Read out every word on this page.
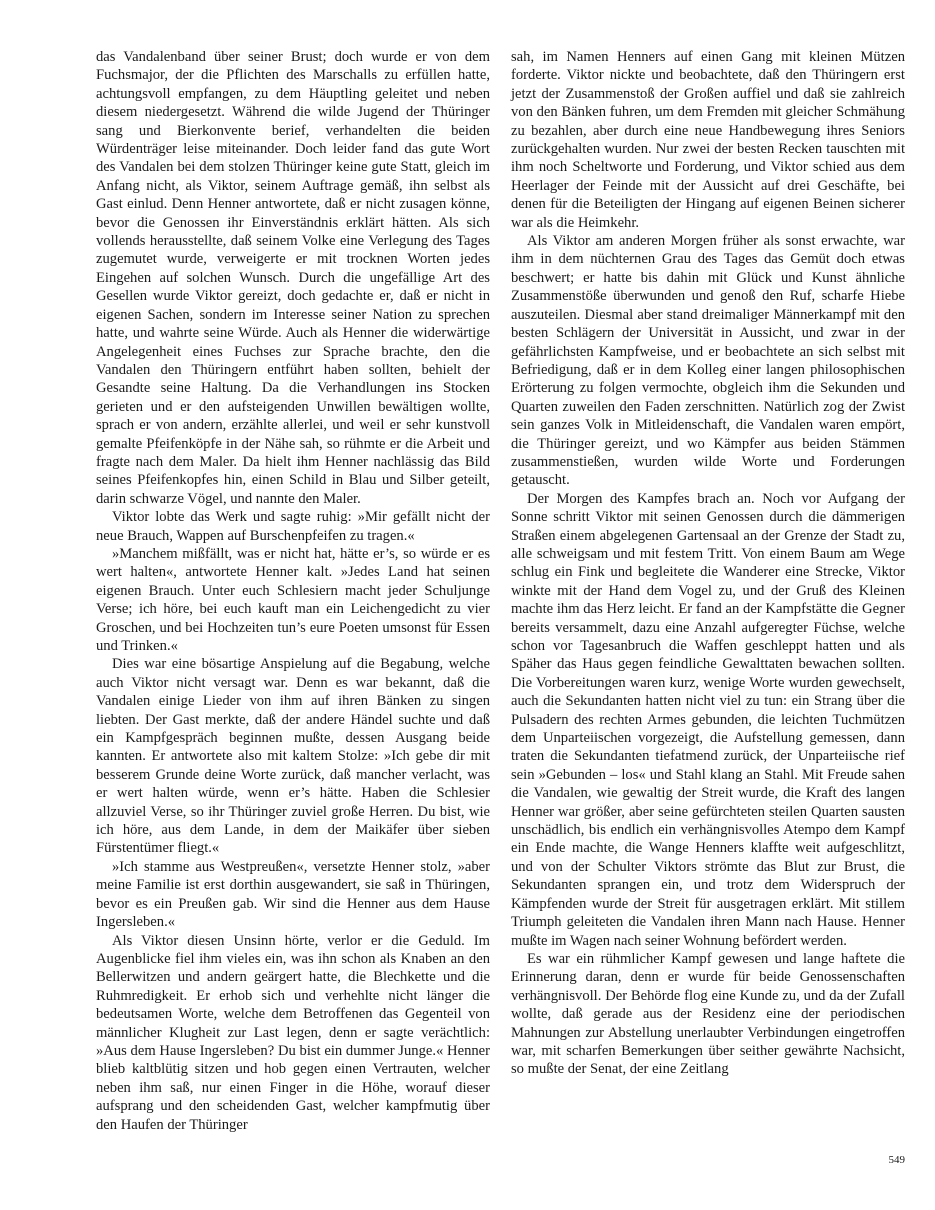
das Vandalenband über seiner Brust; doch wurde er von dem Fuchsmajor, der die Pflichten des Marschalls zu erfüllen hatte, achtungsvoll empfangen, zu dem Häuptling geleitet und neben diesem niedergesetzt. Während die wilde Jugend der Thüringer sang und Bierkonvente berief, verhandelten die beiden Würdenträger leise miteinander. Doch leider fand das gute Wort des Vandalen bei dem stolzen Thüringer keine gute Statt, gleich im Anfang nicht, als Viktor, seinem Auftrage gemäß, ihn selbst als Gast einlud. Denn Henner antwortete, daß er nicht zusagen könne, bevor die Genossen ihr Einverständnis erklärt hätten. Als sich vollends herausstellte, daß seinem Volke eine Verlegung des Tages zugemutet wurde, verweigerte er mit trocknen Worten jedes Eingehen auf solchen Wunsch. Durch die ungefällige Art des Gesellen wurde Viktor gereizt, doch gedachte er, daß er nicht in eigenen Sachen, sondern im Interesse seiner Nation zu sprechen hatte, und wahrte seine Würde. Auch als Henner die widerwärtige Angelegenheit eines Fuchses zur Sprache brachte, den die Vandalen den Thüringern entführt haben sollten, behielt der Gesandte seine Haltung. Da die Verhandlungen ins Stocken gerieten und er den aufsteigenden Unwillen bewältigen wollte, sprach er von andern, erzählte allerlei, und weil er sehr kunstvoll gemalte Pfeifenköpfe in der Nähe sah, so rühmte er die Arbeit und fragte nach dem Maler. Da hielt ihm Henner nachlässig das Bild seines Pfeifenkopfes hin, einen Schild in Blau und Silber geteilt, darin schwarze Vögel, und nannte den Maler.

Viktor lobte das Werk und sagte ruhig: »Mir gefällt nicht der neue Brauch, Wappen auf Burschenpfeifen zu tragen.«

»Manchem mißfällt, was er nicht hat, hätte er’s, so würde er es wert halten«, antwortete Henner kalt. »Jedes Land hat seinen eigenen Brauch. Unter euch Schlesiern macht jeder Schuljunge Verse; ich höre, bei euch kauft man ein Leichengedicht zu vier Groschen, und bei Hochzeiten tun’s eure Poeten umsonst für Essen und Trinken.«

Dies war eine bösartige Anspielung auf die Begabung, welche auch Viktor nicht versagt war. Denn es war bekannt, daß die Vandalen einige Lieder von ihm auf ihren Bänken zu singen liebten. Der Gast merkte, daß der andere Händel suchte und daß ein Kampfgespräch beginnen mußte, dessen Ausgang beide kannten. Er antwortete also mit kaltem Stolze: »Ich gebe dir mit besserem Grunde deine Worte zurück, daß mancher verlacht, was er wert halten würde, wenn er’s hätte. Haben die Schlesier allzuviel Verse, so ihr Thüringer zuviel große Herren. Du bist, wie ich höre, aus dem Lande, in dem der Maikäfer über sieben Fürstentümer fliegt.«

»Ich stamme aus Westpreußen«, versetzte Henner stolz, »aber meine Familie ist erst dorthin ausgewandert, sie saß in Thüringen, bevor es ein Preußen gab. Wir sind die Henner aus dem Hause Ingersleben.«

Als Viktor diesen Unsinn hörte, verlor er die Geduld. Im Augenblicke fiel ihm vieles ein, was ihn schon als Knaben an den Bellerwitzen und andern geärgert hatte, die Blechkette und die Ruhmredigkeit. Er erhob sich und verhehlte nicht länger die bedeutsamen Worte, welche dem Betroffenen das Gegenteil von männlicher Klugheit zur Last legen, denn er sagte verächtlich: »Aus dem Hause Ingersleben? Du bist ein dummer Junge.« Henner blieb kaltblütig sitzen und hob gegen einen Vertrauten, welcher neben ihm saß, nur einen Finger in die Höhe, worauf dieser aufsprang und den scheidenden Gast, welcher kampfmutig über den Haufen der Thüringer

sah, im Namen Henners auf einen Gang mit kleinen Mützen forderte. Viktor nickte und beobachtete, daß den Thüringern erst jetzt der Zusammenstoß der Großen auffiel und daß sie zahlreich von den Bänken fuhren, um dem Fremden mit gleicher Schmähung zu bezahlen, aber durch eine neue Handbewegung ihres Seniors zurückgehalten wurden. Nur zwei der besten Recken tauschten mit ihm noch Scheltworte und Forderung, und Viktor schied aus dem Heerlager der Feinde mit der Aussicht auf drei Geschäfte, bei denen für die Beteiligten der Hingang auf eigenen Beinen sicherer war als die Heimkehr.

Als Viktor am anderen Morgen früher als sonst erwachte, war ihm in dem nüchternen Grau des Tages das Gemüt doch etwas beschwert; er hatte bis dahin mit Glück und Kunst ähnliche Zusammenstöße überwunden und genoß den Ruf, scharfe Hiebe auszuteilen. Diesmal aber stand dreimaliger Männerkampf mit den besten Schlägern der Universität in Aussicht, und zwar in der gefährlichsten Kampfweise, und er beobachtete an sich selbst mit Befriedigung, daß er in dem Kolleg einer langen philosophischen Erörterung zu folgen vermochte, obgleich ihm die Sekunden und Quarten zuweilen den Faden zerschnitten. Natürlich zog der Zwist sein ganzes Volk in Mitleidenschaft, die Vandalen waren empört, die Thüringer gereizt, und wo Kämpfer aus beiden Stämmen zusammenstießen, wurden wilde Worte und Forderungen getauscht.

Der Morgen des Kampfes brach an. Noch vor Aufgang der Sonne schritt Viktor mit seinen Genossen durch die dämmerigen Straßen einem abgelegenen Gartensaal an der Grenze der Stadt zu, alle schweigsam und mit festem Tritt. Von einem Baum am Wege schlug ein Fink und begleitete die Wanderer eine Strecke, Viktor winkte mit der Hand dem Vogel zu, und der Gruß des Kleinen machte ihm das Herz leicht. Er fand an der Kampfstätte die Gegner bereits versammelt, dazu eine Anzahl aufgeregter Füchse, welche schon vor Tagesanbruch die Waffen geschleppt hatten und als Späher das Haus gegen feindliche Gewalttaten bewachen sollten. Die Vorbereitungen waren kurz, wenige Worte wurden gewechselt, auch die Sekundanten hatten nicht viel zu tun: ein Strang über die Pulsadern des rechten Armes gebunden, die leichten Tuchmützen dem Unparteiischen vorgezeigt, die Aufstellung gemessen, dann traten die Sekundanten tiefatmend zurück, der Unparteiische rief sein »Gebunden – los« und Stahl klang an Stahl. Mit Freude sahen die Vandalen, wie gewaltig der Streit wurde, die Kraft des langen Henner war größer, aber seine gefürchteten steilen Quarten sausten unschädlich, bis endlich ein verhängnisvolles Atempo dem Kampf ein Ende machte, die Wange Henners klaffte weit aufgeschlitzt, und von der Schulter Viktors strömte das Blut zur Brust, die Sekundanten sprangen ein, und trotz dem Widerspruch der Kämpfenden wurde der Streit für ausgetragen erklärt. Mit stillem Triumph geleiteten die Vandalen ihren Mann nach Hause. Henner mußte im Wagen nach seiner Wohnung befördert werden.

Es war ein rühmlicher Kampf gewesen und lange haftete die Erinnerung daran, denn er wurde für beide Genossenschaften verhängnisvoll. Der Behörde flog eine Kunde zu, und da der Zufall wollte, daß gerade aus der Residenz eine der periodischen Mahnungen zur Abstellung unerlaubter Verbindungen eingetroffen war, mit scharfen Bemerkungen über seither gewährte Nachsicht, so mußte der Senat, der eine Zeitlang

549
